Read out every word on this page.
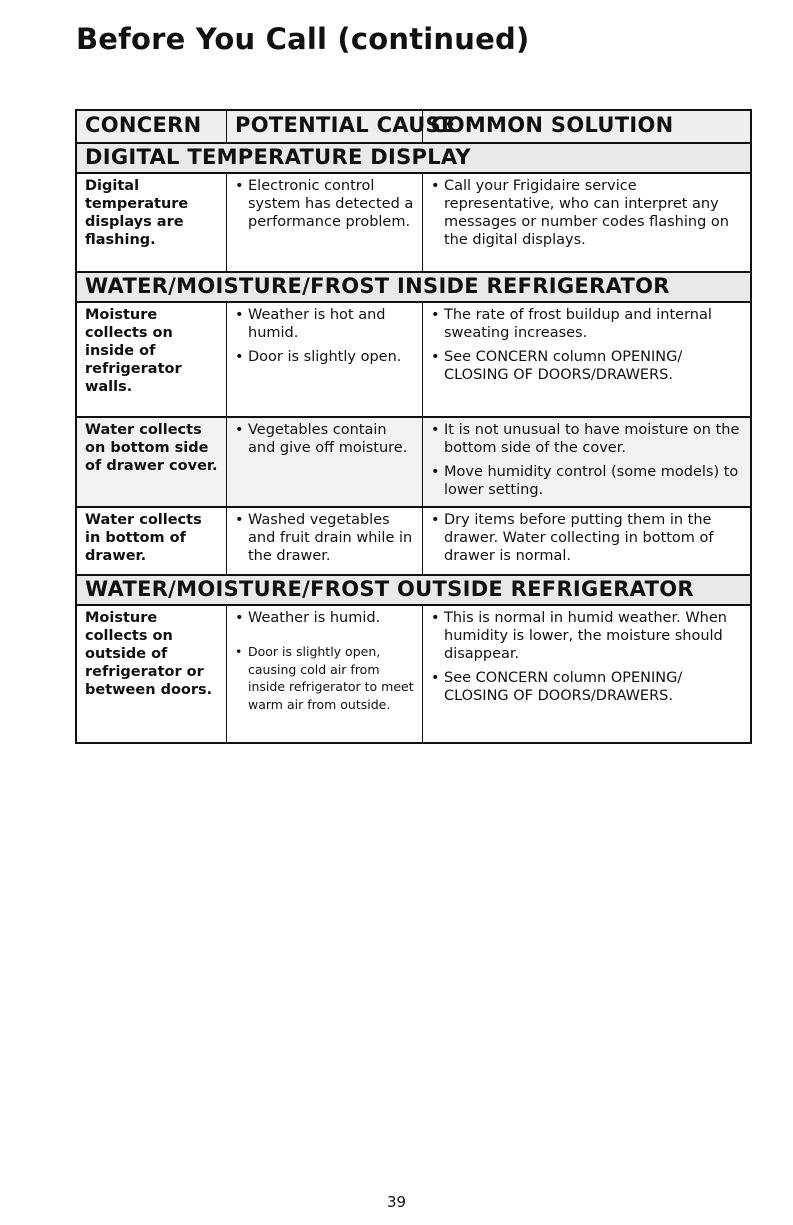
Before You Call (continued)
CONCERN	POTENTIAL CAUSE
COMMON SOLUTION
DIGITAL TEMPERATURE DISPLAY
Digital temperature displays are flashing.
• Electronic control system has detected a performance problem.
• Call your Frigidaire service representative, who can interpret any messages or number codes flashing on the digital displays.
WATER/MOISTURE/FROST INSIDE REFRIGERATOR
Moisture collects on inside of refrigerator walls.
• Weather is hot and humid.
• Door is slightly open.
• The rate of frost buildup and internal sweating increases.
• See CONCERN column OPENING/ CLOSING OF DOORS/DRAWERS.
Water collects on bottom side of drawer cover.
• Vegetables contain and give off moisture.
• It is not unusual to have moisture on the bottom side of the cover.
• Move humidity control (some models) to lower setting.
Water collects in bottom of drawer.
• Washed vegetables and fruit drain while in the drawer.
• Dry items before putting them in the drawer. Water collecting in bottom of drawer is normal.
WATER/MOISTURE/FROST OUTSIDE REFRIGERATOR
Moisture collects on outside of refrigerator or between doors.
• Weather is humid.
• Door is slightly open, causing cold air from inside refrigerator to meet warm air from outside.
• This is normal in humid weather. When humidity is lower, the moisture should disappear.
• See CONCERN column OPENING/ CLOSING OF DOORS/DRAWERS.
39
